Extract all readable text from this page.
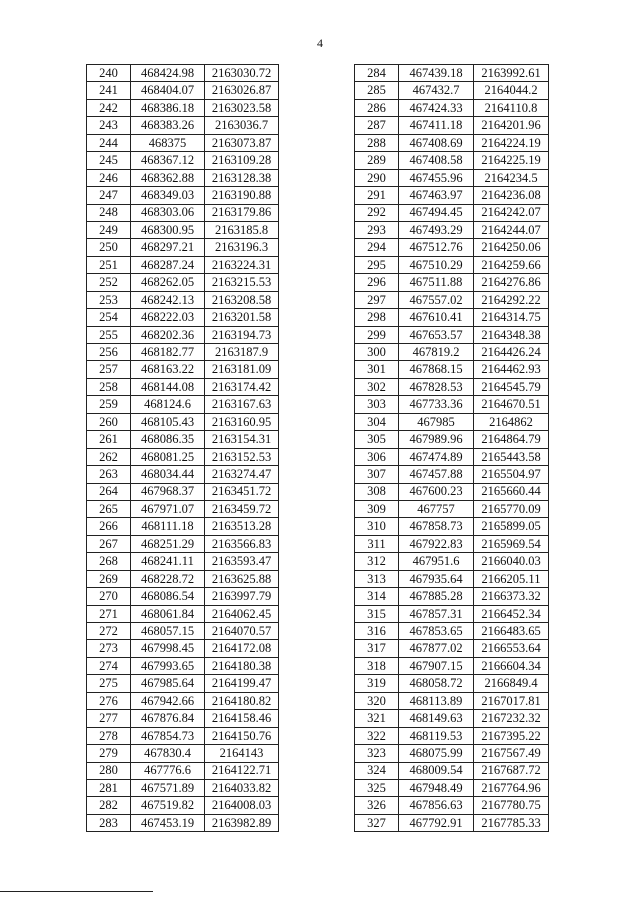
4
240	468424.98	2163030.72
241	468404.07	2163026.87
242	468386.18	2163023.58
243	468383.26	2163036.7
244	468375	2163073.87
245	468367.12	2163109.28
246	468362.88	2163128.38
247	468349.03	2163190.88
248	468303.06	2163179.86
249	468300.95	2163185.8
250	468297.21	2163196.3
251	468287.24	2163224.31
252	468262.05	2163215.53
253	468242.13	2163208.58
254	468222.03	2163201.58
255	468202.36	2163194.73
256	468182.77	2163187.9
257	468163.22	2163181.09
258	468144.08	2163174.42
259	468124.6	2163167.63
260	468105.43	2163160.95
261	468086.35	2163154.31
262	468081.25	2163152.53
263	468034.44	2163274.47
264	467968.37	2163451.72
265	467971.07	2163459.72
266	468111.18	2163513.28
267	468251.29	2163566.83
268	468241.11	2163593.47
269	468228.72	2163625.88
270	468086.54	2163997.79
271	468061.84	2164062.45
272	468057.15	2164070.57
273	467998.45	2164172.08
274	467993.65	2164180.38
275	467985.64	2164199.47
276	467942.66	2164180.82
277	467876.84	2164158.46
278	467854.73	2164150.76
279	467830.4	2164143
280	467776.6	2164122.71
281	467571.89	2164033.82
282	467519.82	2164008.03
283	467453.19	2163982.89
284	467439.18	2163992.61
285	467432.7	2164044.2
286	467424.33	2164110.8
287	467411.18	2164201.96
288	467408.69	2164224.19
289	467408.58	2164225.19
290	467455.96	2164234.5
291	467463.97	2164236.08
292	467494.45	2164242.07
293	467493.29	2164244.07
294	467512.76	2164250.06
295	467510.29	2164259.66
296	467511.88	2164276.86
297	467557.02	2164292.22
298	467610.41	2164314.75
299	467653.57	2164348.38
300	467819.2	2164426.24
301	467868.15	2164462.93
302	467828.53	2164545.79
303	467733.36	2164670.51
304	467985	2164862
305	467989.96	2164864.79
306	467474.89	2165443.58
307	467457.88	2165504.97
308	467600.23	2165660.44
309	467757	2165770.09
310	467858.73	2165899.05
311	467922.83	2165969.54
312	467951.6	2166040.03
313	467935.64	2166205.11
314	467885.28	2166373.32
315	467857.31	2166452.34
316	467853.65	2166483.65
317	467877.02	2166553.64
318	467907.15	2166604.34
319	468058.72	2166849.4
320	468113.89	2167017.81
321	468149.63	2167232.32
322	468119.53	2167395.22
323	468075.99	2167567.49
324	468009.54	2167687.72
325	467948.49	2167764.96
326	467856.63	2167780.75
327	467792.91	2167785.33
